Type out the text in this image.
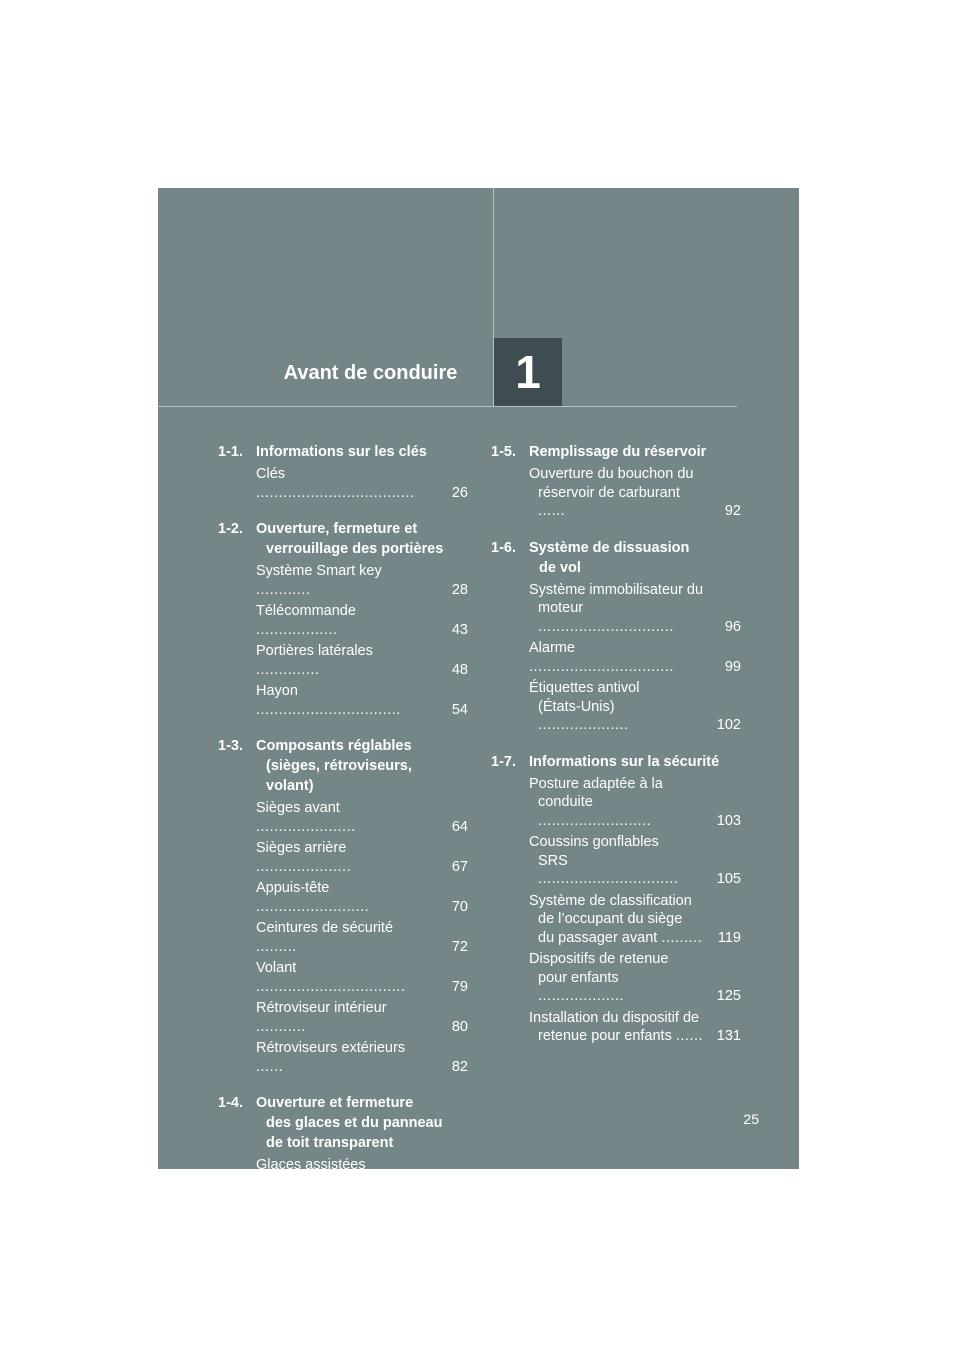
Avant de conduire	1
1-1. Informations sur les clés
Clés ...................................	26
1-2. Ouverture, fermeture et
verrouillage des portières
Système Smart key ............	28
Télécommande ..................	43
Portières latérales ..............	48
Hayon ................................	54
1-3. Composants réglables
(sièges, rétroviseurs,
volant)
Sièges avant ......................	64
Sièges arrière .....................	67
Appuis-tête .........................	70
Ceintures de sécurité .........	72
Volant .................................	79
Rétroviseur intérieur ...........	80
Rétroviseurs extérieurs ......	82
1-4. Ouverture et fermeture
des glaces et du panneau
de toit transparent
Glaces assistées ................	85
Panneau de toit
transparent .......................	88
Écran pare-soleil ................	91
1-5. Remplissage du réservoir
Ouverture du bouchon du
réservoir de carburant ......	92
1-6. Système de dissuasion
de vol
Système immobilisateur du
moteur ..............................	96
Alarme ................................	99
Étiquettes antivol
(États-Unis) ....................	102
1-7. Informations sur la sécurité
Posture adaptée à la
conduite .........................	103
Coussins gonflables
SRS ...............................	105
Système de classification
de l’occupant du siège
du passager avant .........	119
Dispositifs de retenue
pour enfants ...................	125
Installation du dispositif de
retenue pour enfants ...... 131
25
